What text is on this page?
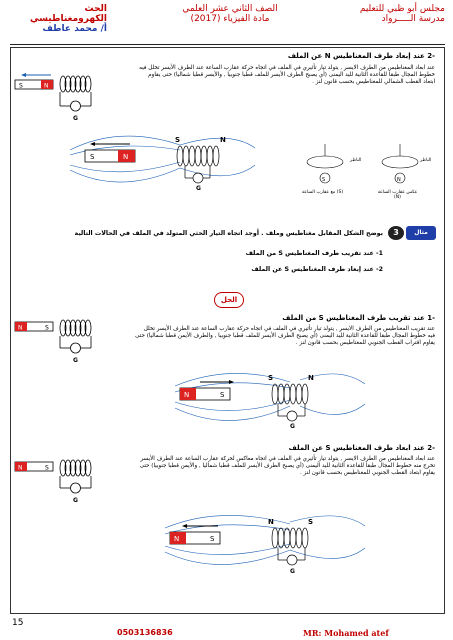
مجلس أبو ظبي للتعليم
مدرسة الـــــرواد
الصف الثاني عشر العلمي
مادة الفيزياء (2017)
الحث الكهرومغناطيسي
أ/ محمد عاطف
-2 عند إبعاد طرف المغناطيس N عن الملف
عند ابعاد المغناطيس من الطرف الايسر , يتولد تيار تأثيري في الملف في اتجاه حركة عقارب الساعة عند الطرف الأيسر تخلل فيه خطوط المجال طبقا للقاعدة الثانية لليد اليمنى (أي يصبح الطرف الأيسر للملف قطبا جنوبيا , والأيسر قطبا شماليا) حتى يقاوم ابتعاد القطب الشمالي للمغناطيس بحسب قانون لنز .
S	N
G
S	N
S	N
G
S	N
الناظر	الناظر
مع عقارب الساعة (S)	عكس عقارب الساعة (N)
مثال
3
بوضح الشكل المقابل مغناطيس وملف . أوجد اتجاه التيار الحثي المتولد في الملف في الحالات التالية
1- عند تقريب طرف المغناطيس S من الملف
2- عند إبعاد طرف المغناطيس S عن الملف
الحل
-1 عند تقريب طرف المغناطيس S من الملف
عند تقريب المغناطيس من الطرف الايسر , يتولد تيار تأثيري في الملف في اتجاه حركة عقارب الساعة عند الطرف الأيسر تخلل فيه خطوط المجال طبقا للقاعدة الثانية لليد اليمنى (أي يصبح الطرف الأيسر للملف قطبا جنوبيا , والطرف الأيمن قطبا شماليا) حتى يقاوم اقتراب القطب الجنوبي للمغناطيس بحسب قانون لنز .
N	S
G
N	S
S	N
G
-2 عند ابعاد طرف المغناطيس S عن الملف
عند ابعاد المغناطيس من الطرف الايسر , يتولد تيار تأثيري في الملف في اتجاه معاكس لحركة عقارب الساعة عند الطرف الأيسر تخرج منه خطوط المجال طبقا للقاعدة الثانية لليد اليمنى (أي يصبح الطرف الأيسر للملف قطبا شماليا , والأيمن قطبا جنوبيا) حتى يقاوم ابتعاد القطب الجنوبي للمغناطيس بحسب قانون لنز .
N	S
G
N	S
N	S
G
15
0503136836	MR: Mohamed atef
